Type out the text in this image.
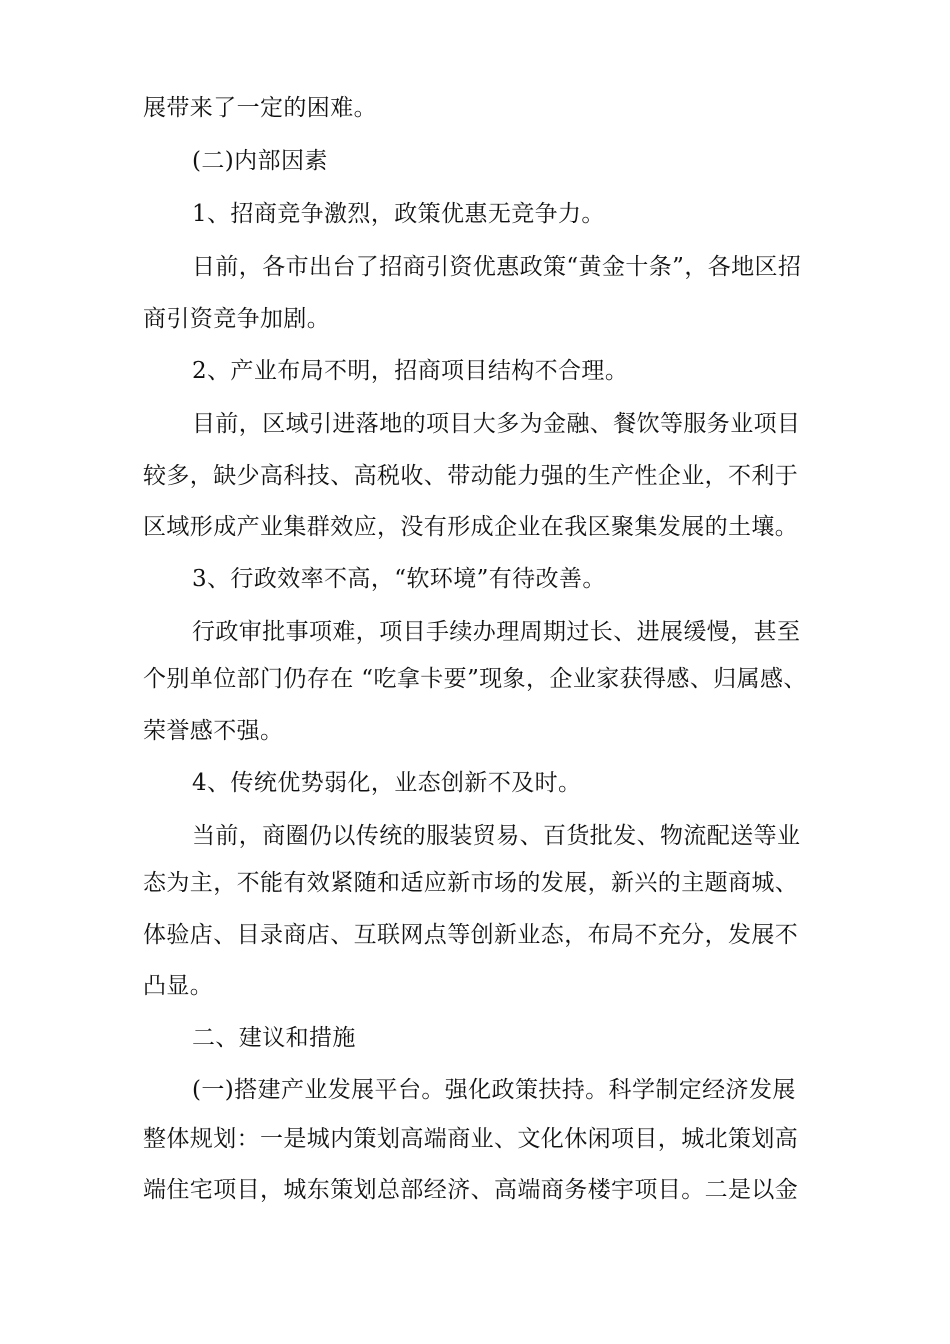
展带来了一定的困难。
(二)内部因素
1、招商竞争激烈，政策优惠无竞争力。
日前，各市出台了招商引资优惠政策“黄金十条”，各地区招
商引资竞争加剧。
2、产业布局不明，招商项目结构不合理。
目前，区域引进落地的项目大多为金融、餐饮等服务业项目
较多，缺少高科技、高税收、带动能力强的生产性企业，不利于
区域形成产业集群效应，没有形成企业在我区聚集发展的土壤。
3、行政效率不高，“软环境”有待改善。
行政审批事项难，项目手续办理周期过长、进展缓慢，甚至
个别单位部门仍存在 “吃拿卡要”现象，企业家获得感、归属感、
荣誉感不强。
4、传统优势弱化，业态创新不及时。
当前，商圈仍以传统的服装贸易、百货批发、物流配送等业
态为主，不能有效紧随和适应新市场的发展，新兴的主题商城、
体验店、目录商店、互联网点等创新业态，布局不充分，发展不
凸显。
二、建议和措施
(一)搭建产业发展平台。强化政策扶持。科学制定经济发展
整体规划：一是城内策划高端商业、文化休闲项目，城北策划高
端住宅项目，城东策划总部经济、高端商务楼宇项目。二是以金
